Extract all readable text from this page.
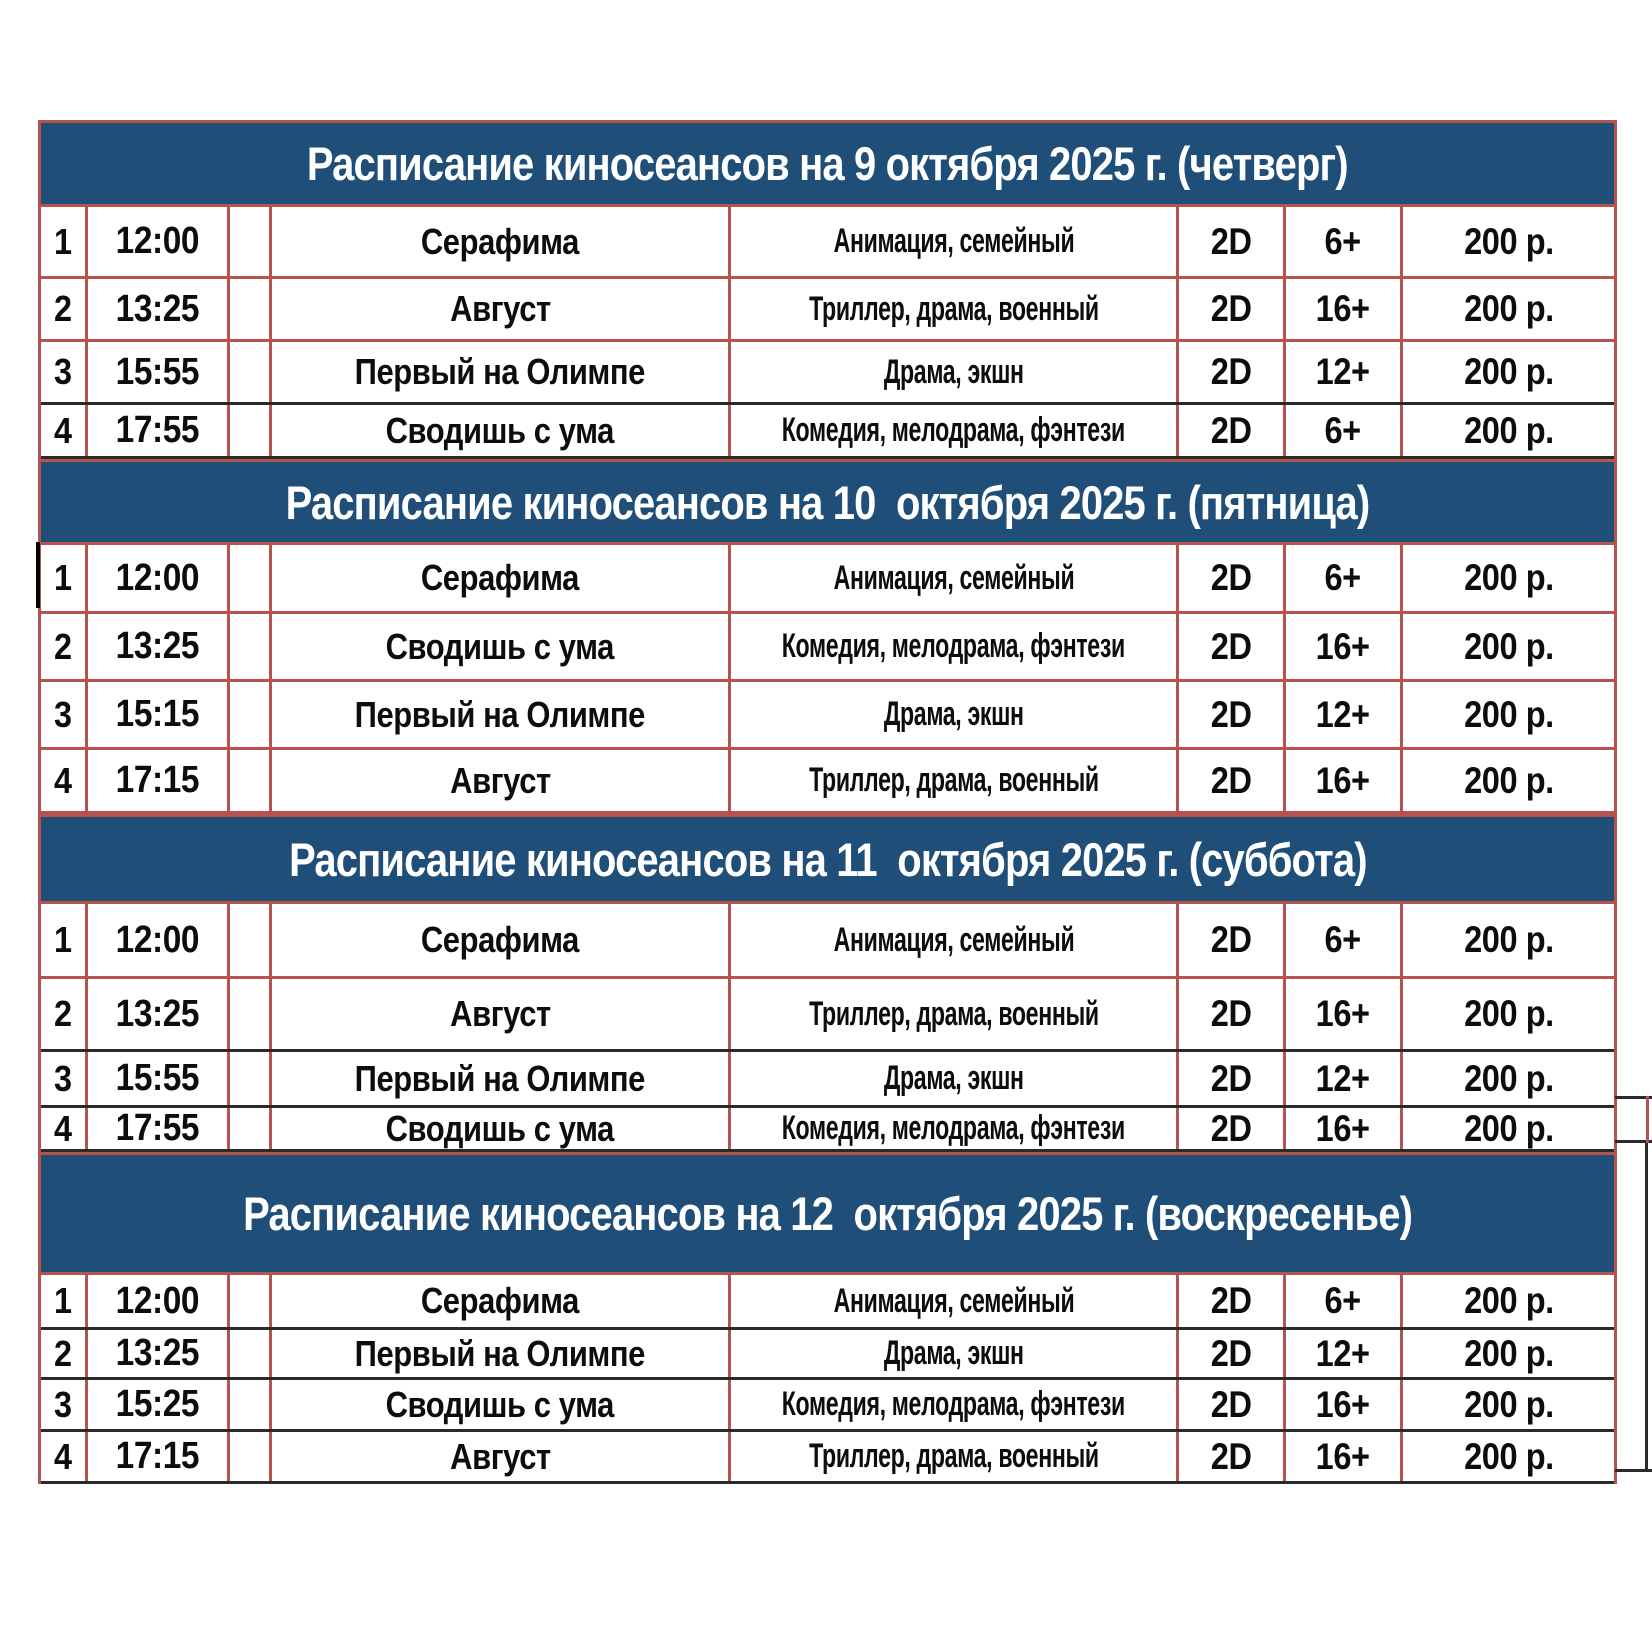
Расписание киносеансов на 9 октября 2025 г. (четверг)
1 12:00	Серафима	Анимация, семейный	2D 6+	200 р.
2 13:25	Август	Триллер, драма, военный	2D 16+	200 р.
3 15:55	Первый на Олимпе	Драма, экшн	2D 12+	200 р.
4 17:55	Сводишь с ума	Комедия, мелодрама, фэнтези 2D 6+	200 р.
Расписание киносеансов на 10  октября 2025 г. (пятница)
1 12:00	Серафима	Анимация, семейный	2D 6+	200 р.
2 13:25	Сводишь с ума	Комедия, мелодрама, фэнтези 2D 16+	200 р.
3 15:15	Первый на Олимпе	Драма, экшн	2D 12+	200 р.
4 17:15	Август	Триллер, драма, военный	2D 16+	200 р.
Расписание киносеансов на 11  октября 2025 г. (суббота)
1 12:00	Серафима	Анимация, семейный	2D 6+	200 р.
2 13:25	Август	Триллер, драма, военный	2D 16+	200 р.
3 15:55	Первый на Олимпе	Драма, экшн	2D 12+	200 р.
4 17:55	Сводишь с ума	Комедия, мелодрама, фэнтези 2D 16+	200 р.
Расписание киносеансов на 12  октября 2025 г. (воскресенье)
1 12:00	Серафима	Анимация, семейный	2D 6+	200 р.
2 13:25	Первый на Олимпе	Драма, экшн	2D 12+	200 р.
3 15:25	Сводишь с ума	Комедия, мелодрама, фэнтези 2D 16+	200 р.
4 17:15	Август	Триллер, драма, военный	2D 16+	200 р.
